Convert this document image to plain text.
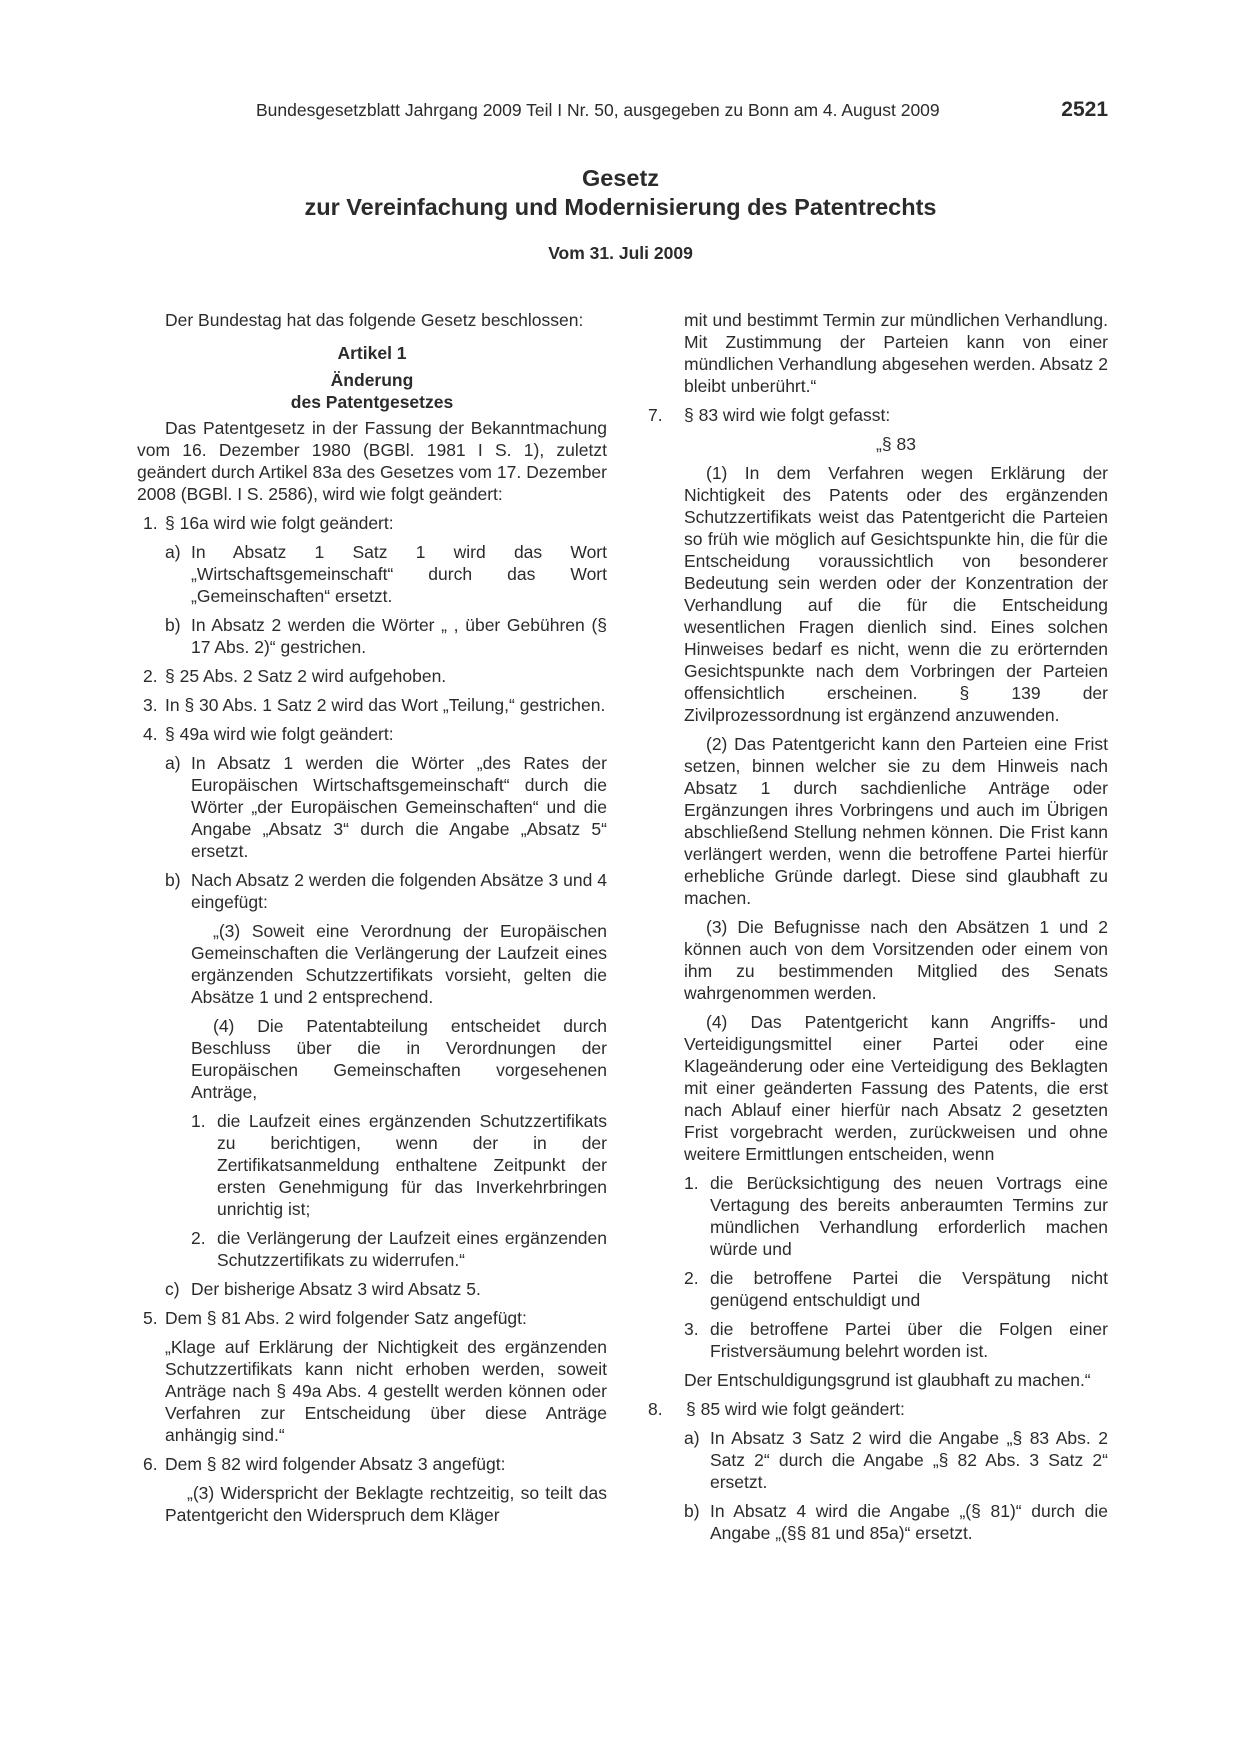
Bundesgesetzblatt Jahrgang 2009 Teil I Nr. 50, ausgegeben zu Bonn am 4. August 2009	2521
Gesetz
zur Vereinfachung und Modernisierung des Patentrechts
Vom 31. Juli 2009

Der Bundestag hat das folgende Gesetz beschlossen:

Artikel 1

Änderung

des Patentgesetzes

Das Patentgesetz in der Fassung der Bekanntmachung vom 16. Dezember 1980 (BGBl. 1981 I S. 1), zuletzt geändert durch Artikel 83a des Gesetzes vom 17. Dezember 2008 (BGBl. I S. 2586), wird wie folgt geändert:

1. § 16a wird wie folgt geändert:
a) In Absatz 1 Satz 1 wird das Wort „Wirtschaftsgemeinschaft“ durch das Wort „Gemeinschaften“ ersetzt.
b) In Absatz 2 werden die Wörter „ , über Gebühren (§ 17 Abs. 2)“ gestrichen.
2. § 25 Abs. 2 Satz 2 wird aufgehoben.
3. In § 30 Abs. 1 Satz 2 wird das Wort „Teilung,“ gestrichen.
4. § 49a wird wie folgt geändert:
a) In Absatz 1 werden die Wörter „des Rates der Europäischen Wirtschaftsgemeinschaft“ durch die Wörter „der Europäischen Gemeinschaften“ und die Angabe „Absatz 3“ durch die Angabe „Absatz 5“ ersetzt.
b) Nach Absatz 2 werden die folgenden Absätze 3 und 4 eingefügt:

„(3) Soweit eine Verordnung der Europäischen Gemeinschaften die Verlängerung der Laufzeit eines ergänzenden Schutzzertifikats vorsieht, gelten die Absätze 1 und 2 entsprechend.

(4) Die Patentabteilung entscheidet durch Beschluss über die in Verordnungen der Europäischen Gemeinschaften vorgesehenen Anträge,

1. die Laufzeit eines ergänzenden Schutzzertifikats zu berichtigen, wenn der in der Zertifikatsanmeldung enthaltene Zeitpunkt der ersten Genehmigung für das Inverkehrbringen unrichtig ist;
2. die Verlängerung der Laufzeit eines ergänzenden Schutzzertifikats zu widerrufen.“
c) Der bisherige Absatz 3 wird Absatz 5.
5. Dem § 81 Abs. 2 wird folgender Satz angefügt:

„Klage auf Erklärung der Nichtigkeit des ergänzenden Schutzzertifikats kann nicht erhoben werden, soweit Anträge nach § 49a Abs. 4 gestellt werden können oder Verfahren zur Entscheidung über diese Anträge anhängig sind.“

6. Dem § 82 wird folgender Absatz 3 angefügt:

„(3) Widerspricht der Beklagte rechtzeitig, so teilt das Patentgericht den Widerspruch dem Kläger

mit und bestimmt Termin zur mündlichen Verhandlung. Mit Zustimmung der Parteien kann von einer mündlichen Verhandlung abgesehen werden. Absatz 2 bleibt unberührt.“

7. § 83 wird wie folgt gefasst:

„§ 83

(1) In dem Verfahren wegen Erklärung der Nichtigkeit des Patents oder des ergänzenden Schutzzertifikats weist das Patentgericht die Parteien so früh wie möglich auf Gesichtspunkte hin, die für die Entscheidung voraussichtlich von besonderer Bedeutung sein werden oder der Konzentration der Verhandlung auf die für die Entscheidung wesentlichen Fragen dienlich sind. Eines solchen Hinweises bedarf es nicht, wenn die zu erörternden Gesichtspunkte nach dem Vorbringen der Parteien offensichtlich erscheinen. § 139 der Zivilprozessordnung ist ergänzend anzuwenden.

(2) Das Patentgericht kann den Parteien eine Frist setzen, binnen welcher sie zu dem Hinweis nach Absatz 1 durch sachdienliche Anträge oder Ergänzungen ihres Vorbringens und auch im Übrigen abschließend Stellung nehmen können. Die Frist kann verlängert werden, wenn die betroffene Partei hierfür erhebliche Gründe darlegt. Diese sind glaubhaft zu machen.

(3) Die Befugnisse nach den Absätzen 1 und 2 können auch von dem Vorsitzenden oder einem von ihm zu bestimmenden Mitglied des Senats wahrgenommen werden.

(4) Das Patentgericht kann Angriffs- und Verteidigungsmittel einer Partei oder eine Klageänderung oder eine Verteidigung des Beklagten mit einer geänderten Fassung des Patents, die erst nach Ablauf einer hierfür nach Absatz 2 gesetzten Frist vorgebracht werden, zurückweisen und ohne weitere Ermittlungen entscheiden, wenn

1. die Berücksichtigung des neuen Vortrags eine Vertagung des bereits anberaumten Termins zur mündlichen Verhandlung erforderlich machen würde und
2. die betroffene Partei die Verspätung nicht genügend entschuldigt und
3. die betroffene Partei über die Folgen einer Fristversäumung belehrt worden ist.

Der Entschuldigungsgrund ist glaubhaft zu machen.“

8. § 85 wird wie folgt geändert:
a) In Absatz 3 Satz 2 wird die Angabe „§ 83 Abs. 2 Satz 2“ durch die Angabe „§ 82 Abs. 3 Satz 2“ ersetzt.
b) In Absatz 4 wird die Angabe „(§ 81)“ durch die Angabe „(§§ 81 und 85a)“ ersetzt.
